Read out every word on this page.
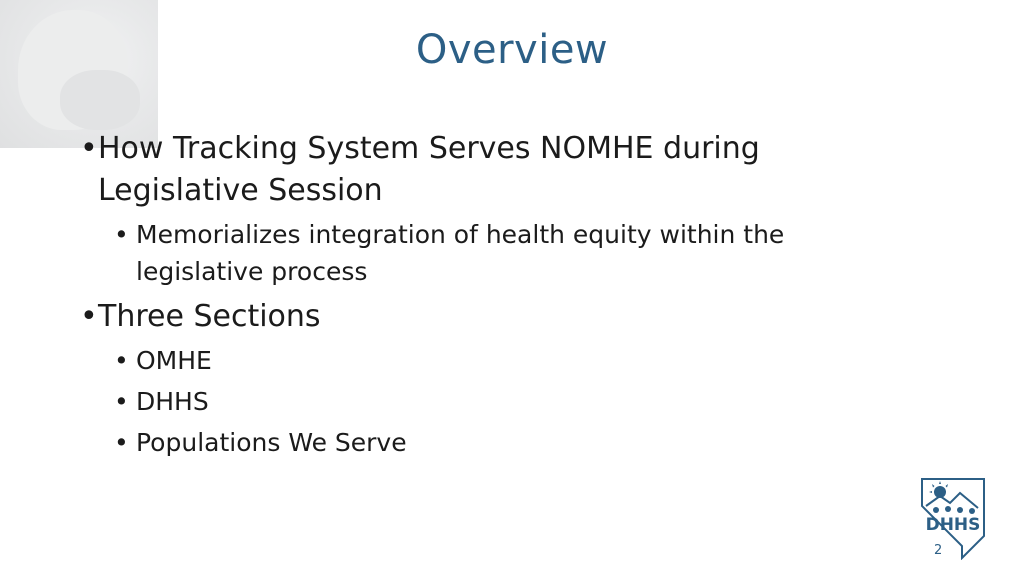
Overview
• How Tracking System Serves NOMHE during Legislative Session
• Memorializes integration of health equity within the legislative process
• Three Sections
• OMHE
• DHHS
• Populations We Serve
DHHS
2
